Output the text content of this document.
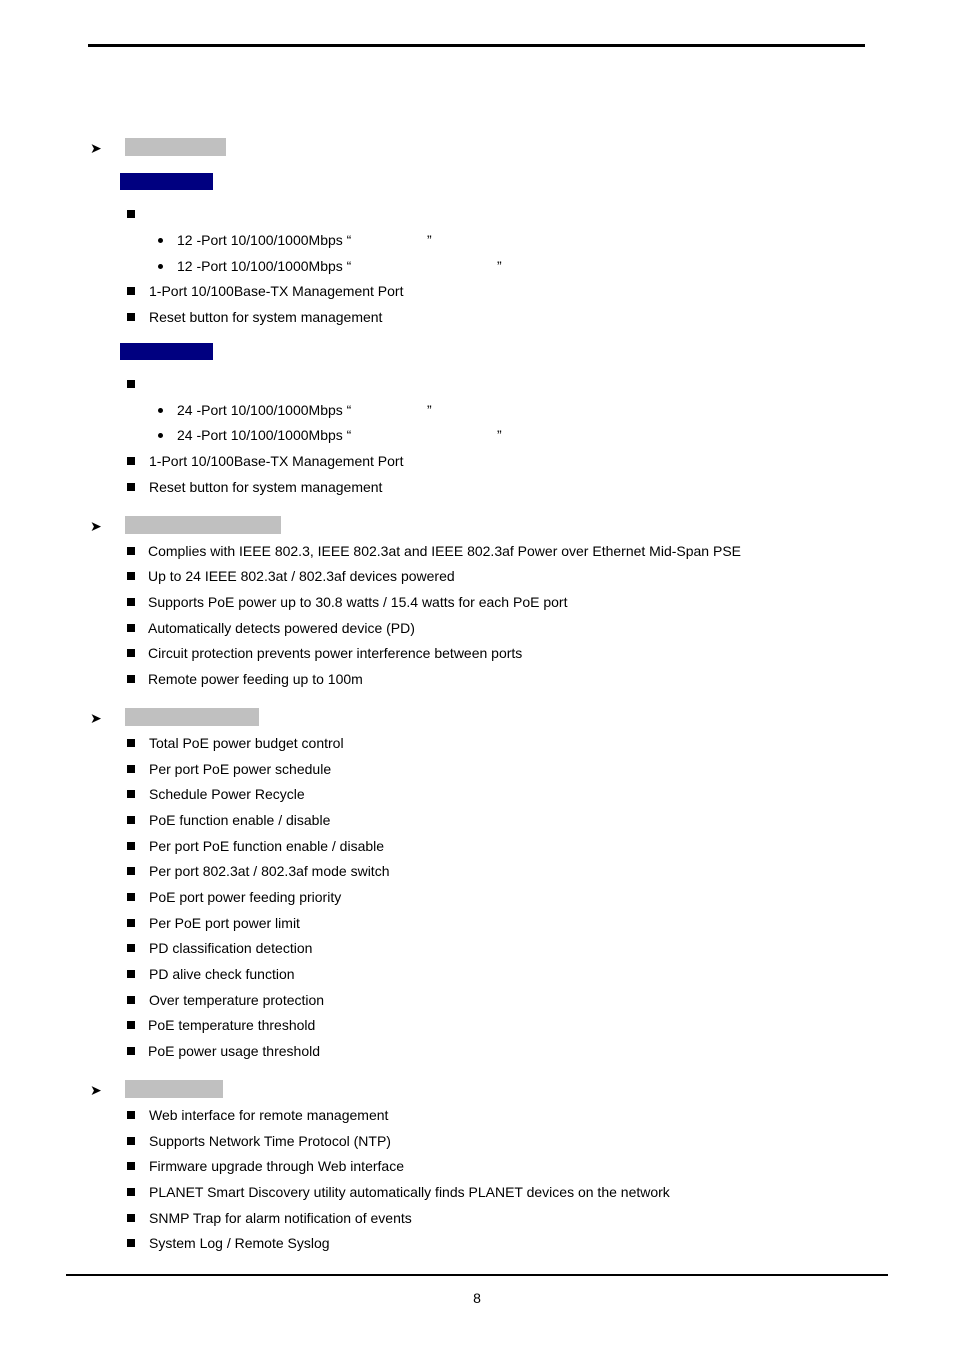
➤
12 -Port 10/100/1000Mbps “	”
12 -Port 10/100/1000Mbps “	”
1-Port 10/100Base-TX Management Port
Reset button for system management
24 -Port 10/100/1000Mbps “	”
24 -Port 10/100/1000Mbps “	”
1-Port 10/100Base-TX Management Port
Reset button for system management
➤
Complies with IEEE 802.3, IEEE 802.3at and IEEE 802.3af Power over Ethernet Mid-Span PSE
Up to 24 IEEE 802.3at / 802.3af devices powered
Supports PoE power up to 30.8 watts / 15.4 watts for each PoE port
Automatically detects powered device (PD)
Circuit protection prevents power interference between ports
Remote power feeding up to 100m
➤
Total PoE power budget control
Per port PoE power schedule
Schedule Power Recycle
PoE function enable / disable
Per port PoE function enable / disable
Per port 802.3at / 802.3af mode switch
PoE port power feeding priority
Per PoE port power limit
PD classification detection
PD alive check function
Over temperature protection
PoE temperature threshold
PoE power usage threshold
➤
Web interface for remote management
Supports Network Time Protocol (NTP)
Firmware upgrade through Web interface
PLANET Smart Discovery utility automatically finds PLANET devices on the network
SNMP Trap for alarm notification of events
System Log / Remote Syslog
8
